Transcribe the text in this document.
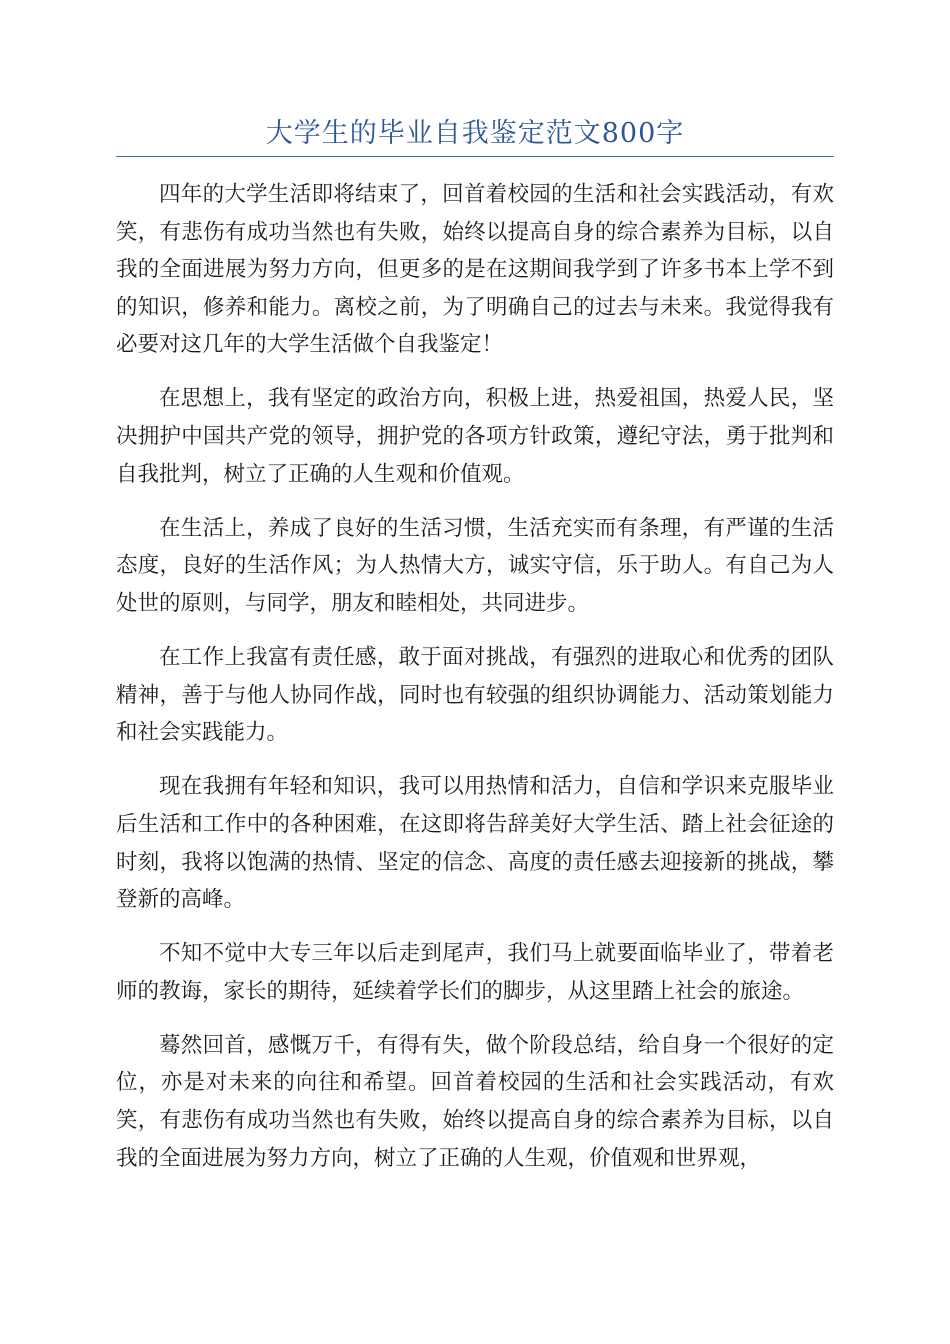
大学生的毕业自我鉴定范文800字

四年的大学生活即将结束了，回首着校园的生活和社会实践活动，有欢笑，有悲伤有成功当然也有失败，始终以提高自身的综合素养为目标，以自我的全面进展为努力方向，但更多的是在这期间我学到了许多书本上学不到的知识，修养和能力。离校之前，为了明确自己的过去与未来。我觉得我有必要对这几年的大学生活做个自我鉴定！

在思想上，我有坚定的政治方向，积极上进，热爱祖国，热爱人民，坚决拥护中国共产党的领导，拥护党的各项方针政策，遵纪守法，勇于批判和自我批判，树立了正确的人生观和价值观。

在生活上，养成了良好的生活习惯，生活充实而有条理，有严谨的生活态度，良好的生活作风；为人热情大方，诚实守信，乐于助人。有自己为人处世的原则，与同学，朋友和睦相处，共同进步。

在工作上我富有责任感，敢于面对挑战，有强烈的进取心和优秀的团队精神，善于与他人协同作战，同时也有较强的组织协调能力、活动策划能力和社会实践能力。

现在我拥有年轻和知识，我可以用热情和活力，自信和学识来克服毕业后生活和工作中的各种困难，在这即将告辞美好大学生活、踏上社会征途的时刻，我将以饱满的热情、坚定的信念、高度的责任感去迎接新的挑战，攀登新的高峰。

不知不觉中大专三年以后走到尾声，我们马上就要面临毕业了，带着老师的教诲，家长的期待，延续着学长们的脚步，从这里踏上社会的旅途。

蓦然回首，感慨万千，有得有失，做个阶段总结，给自身一个很好的定位，亦是对未来的向往和希望。回首着校园的生活和社会实践活动，有欢笑，有悲伤有成功当然也有失败，始终以提高自身的综合素养为目标，以自我的全面进展为努力方向，树立了正确的人生观，价值观和世界观，
